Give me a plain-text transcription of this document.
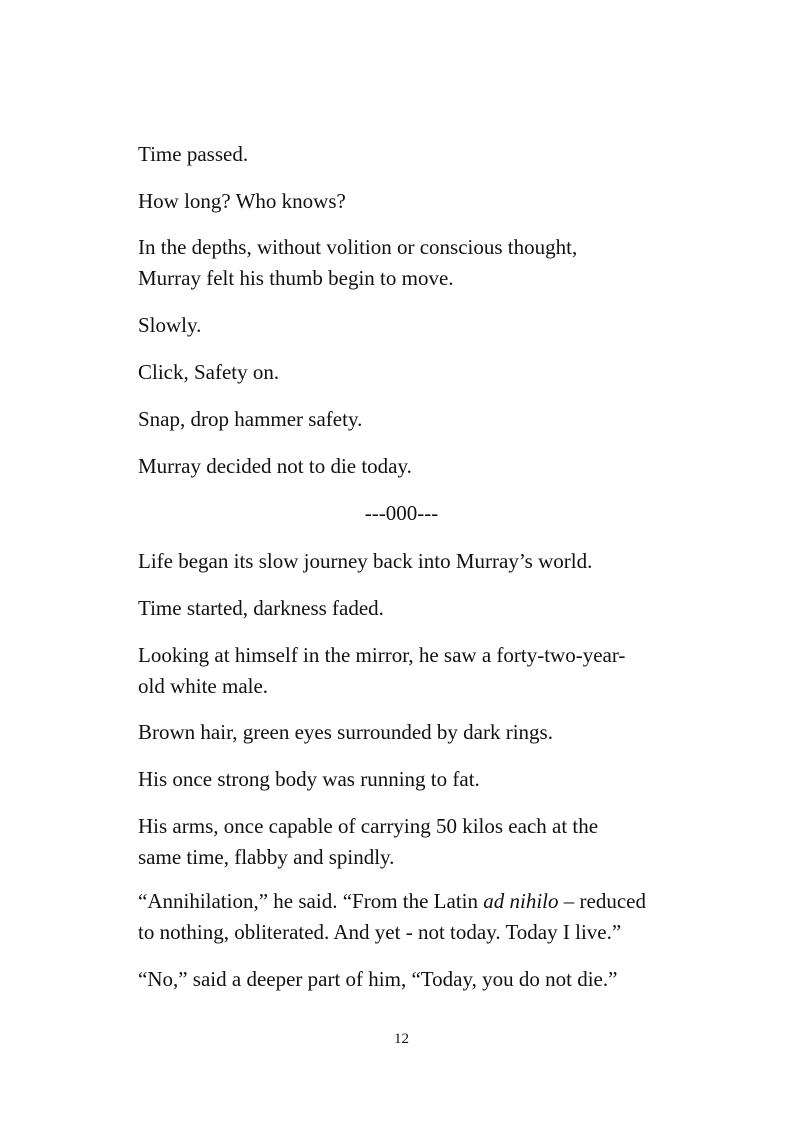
Time passed.

How long? Who knows?

In the depths, without volition or conscious thought,
Murray felt his thumb begin to move.

Slowly.

Click, Safety on.

Snap, drop hammer safety.

Murray decided not to die today.

---000---

Life began its slow journey back into Murray’s world.

Time started, darkness faded.

Looking at himself in the mirror, he saw a forty-two-year-
old white male.

Brown hair, green eyes surrounded by dark rings.

His once strong body was running to fat.

His arms, once capable of carrying 50 kilos each at the
same time, flabby and spindly.

“Annihilation,” he said. “From the Latin ad nihilo – reduced
to nothing, obliterated. And yet - not today. Today I live.”

“No,” said a deeper part of him, “Today, you do not die.”

12
